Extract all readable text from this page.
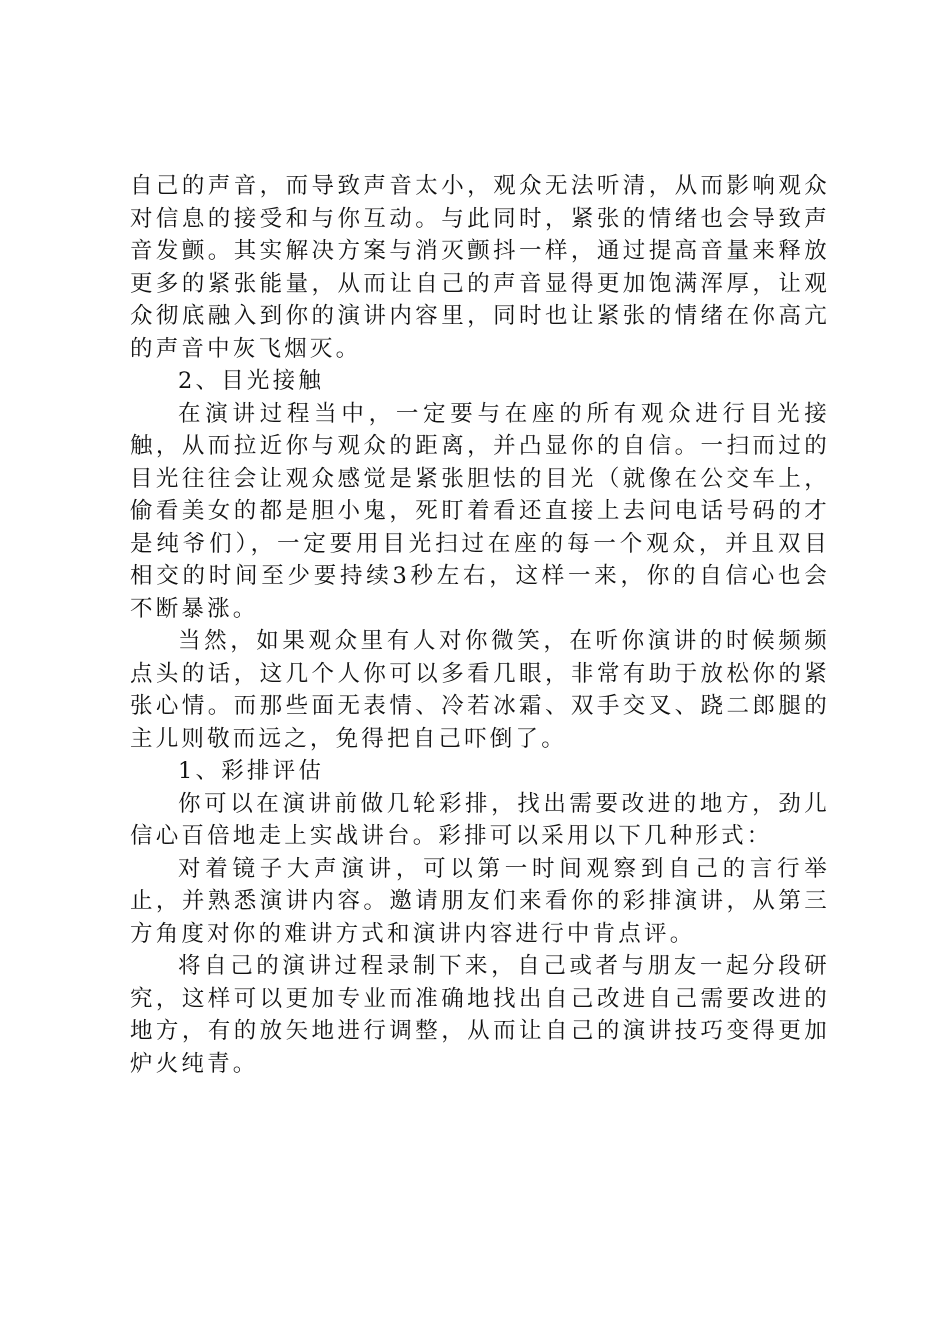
自己的声音，而导致声音太小，观众无法听清，从而影响观众对信息的接受和与你互动。与此同时，紧张的情绪也会导致声音发颤。其实解决方案与消灭颤抖一样，通过提高音量来释放更多的紧张能量，从而让自己的声音显得更加饱满浑厚，让观众彻底融入到你的演讲内容里，同时也让紧张的情绪在你高亢的声音中灰飞烟灭。

2、目光接触

在演讲过程当中，一定要与在座的所有观众进行目光接触，从而拉近你与观众的距离，并凸显你的自信。一扫而过的目光往往会让观众感觉是紧张胆怯的目光（就像在公交车上，偷看美女的都是胆小鬼，死盯着看还直接上去问电话号码的才是纯爷们），一定要用目光扫过在座的每一个观众，并且双目相交的时间至少要持续3秒左右，这样一来，你的自信心也会不断暴涨。

当然，如果观众里有人对你微笑，在听你演讲的时候频频点头的话，这几个人你可以多看几眼，非常有助于放松你的紧张心情。而那些面无表情、冷若冰霜、双手交叉、跷二郎腿的主儿则敬而远之，免得把自己吓倒了。

1、彩排评估

你可以在演讲前做几轮彩排，找出需要改进的地方，劲儿信心百倍地走上实战讲台。彩排可以采用以下几种形式：

对着镜子大声演讲，可以第一时间观察到自己的言行举止，并熟悉演讲内容。邀请朋友们来看你的彩排演讲，从第三方角度对你的难讲方式和演讲内容进行中肯点评。

将自己的演讲过程录制下来，自己或者与朋友一起分段研究，这样可以更加专业而准确地找出自己改进自己需要改进的地方，有的放矢地进行调整，从而让自己的演讲技巧变得更加炉火纯青。
